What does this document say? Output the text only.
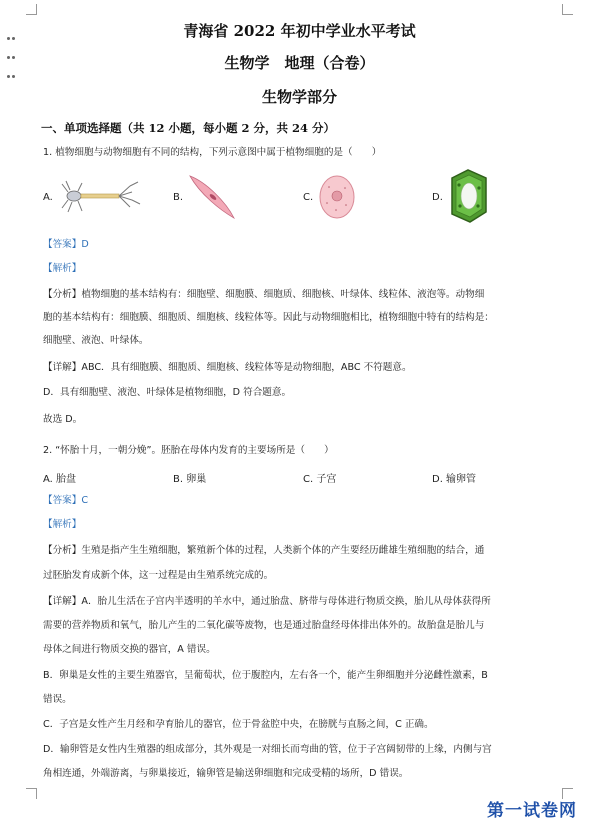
青海省 2022 年初中学业水平考试
生物学　地理（合卷）
生物学部分
一、单项选择题（共 12 小题，每小题 2 分，共 24 分）
1. 植物细胞与动物细胞有不同的结构，下列示意图中属于植物细胞的是（　　）
A.	B.	C.	D.
【答案】D
【解析】
【分析】植物细胞的基本结构有：细胞壁、细胞膜、细胞质、细胞核、叶绿体、线粒体、液泡等。动物细
胞的基本结构有：细胞膜、细胞质、细胞核、线粒体等。因此与动物细胞相比，植物细胞中特有的结构是：
细胞壁、液泡、叶绿体。
【详解】ABC．具有细胞膜、细胞质、细胞核、线粒体等是动物细胞，ABC 不符题意。
D．具有细胞壁、液泡、叶绿体是植物细胞，D 符合题意。
故选 D。
2. “怀胎十月，一朝分娩”。胚胎在母体内发育的主要场所是（　　）
A. 胎盘	B. 卵巢	C. 子宫	D. 输卵管
【答案】C
【解析】
【分析】生殖是指产生生殖细胞，繁殖新个体的过程，人类新个体的产生要经历雌雄生殖细胞的结合，通
过胚胎发育成新个体，这一过程是由生殖系统完成的。
【详解】A．胎儿生活在子宫内半透明的羊水中，通过胎盘、脐带与母体进行物质交换，胎儿从母体获得所
需要的营养物质和氧气，胎儿产生的二氧化碳等废物，也是通过胎盘经母体排出体外的。故胎盘是胎儿与
母体之间进行物质交换的器官，A 错误。
B．卵巢是女性的主要生殖器官，呈葡萄状，位于腹腔内，左右各一个，能产生卵细胞并分泌雌性激素，B
错误。
C．子宫是女性产生月经和孕育胎儿的器官，位于骨盆腔中央，在膀胱与直肠之间，C 正确。
D．输卵管是女性内生殖器的组成部分，其外观是一对细长而弯曲的管，位于子宫阔韧带的上缘，内侧与宫
角相连通，外端游离，与卵巢接近，输卵管是输送卵细胞和完成受精的场所，D 错误。
第一试卷网
